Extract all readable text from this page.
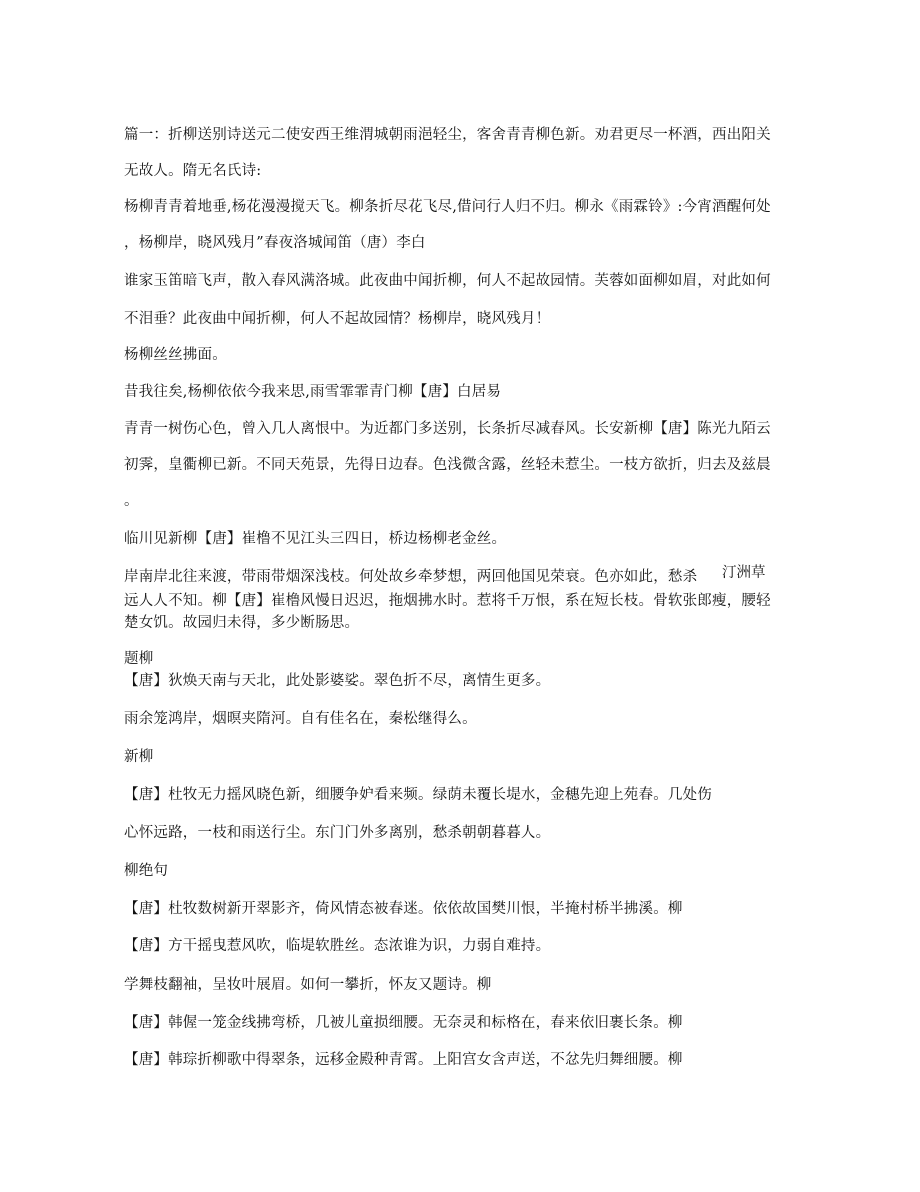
篇一：折柳送别诗送元二使安西王维渭城朝雨浥轻尘，客舍青青柳色新。劝君更尽一杯酒，西出阳关
无故人。隋无名氏诗:
杨柳青青着地垂,杨花漫漫搅天飞。柳条折尽花飞尽,借问行人归不归。柳永《雨霖铃》:今宵酒醒何处
，杨柳岸，晓风残月”春夜洛城闻笛（唐）李白
谁家玉笛暗飞声，散入春风满洛城。此夜曲中闻折柳，何人不起故园情。芙蓉如面柳如眉，对此如何
不泪垂？此夜曲中闻折柳，何人不起故园情？杨柳岸，晓风残月！
杨柳丝丝拂面。
昔我往矣,杨柳依依今我来思,雨雪霏霏青门柳【唐】白居易
青青一树伤心色，曾入几人离恨中。为近都门多送别，长条折尽减春风。长安新柳【唐】陈光九陌云
初霁，皇衢柳已新。不同天苑景，先得日边春。色浅微含露，丝轻未惹尘。一枝方欲折，归去及兹晨
。
临川见新柳【唐】崔橹不见江头三四日，桥边杨柳老金丝。
岸南岸北往来渡，带雨带烟深浅枝。何处故乡牵梦想，两回他国见荣衰。色亦如此，愁杀 汀洲草
远人人不知。柳【唐】崔橹风慢日迟迟，拖烟拂水时。惹将千万恨，系在短长枝。骨软张郎瘦，腰轻
楚女饥。故园归未得，多少断肠思。
题柳
【唐】狄焕天南与天北，此处影婆娑。翠色折不尽，离情生更多。
雨余笼鸿岸，烟暝夹隋河。自有佳名在，秦松继得么。
新柳
【唐】杜牧无力摇风晓色新，细腰争妒看来频。绿荫未覆长堤水，金穗先迎上苑春。几处伤
心怀远路，一枝和雨送行尘。东门门外多离别，愁杀朝朝暮暮人。
柳绝句
【唐】杜牧数树新开翠影齐，倚风情态被春迷。依依故国樊川恨，半掩村桥半拂溪。柳
【唐】方干摇曳惹风吹，临堤软胜丝。态浓谁为识，力弱自难持。
学舞枝翻袖，呈妆叶展眉。如何一攀折，怀友又题诗。柳
【唐】韩偓一笼金线拂弯桥，几被儿童损细腰。无奈灵和标格在，春来依旧裹长条。柳
【唐】韩琮折柳歌中得翠条，远移金殿种青霄。上阳宫女含声送，不忿先归舞细腰。柳
